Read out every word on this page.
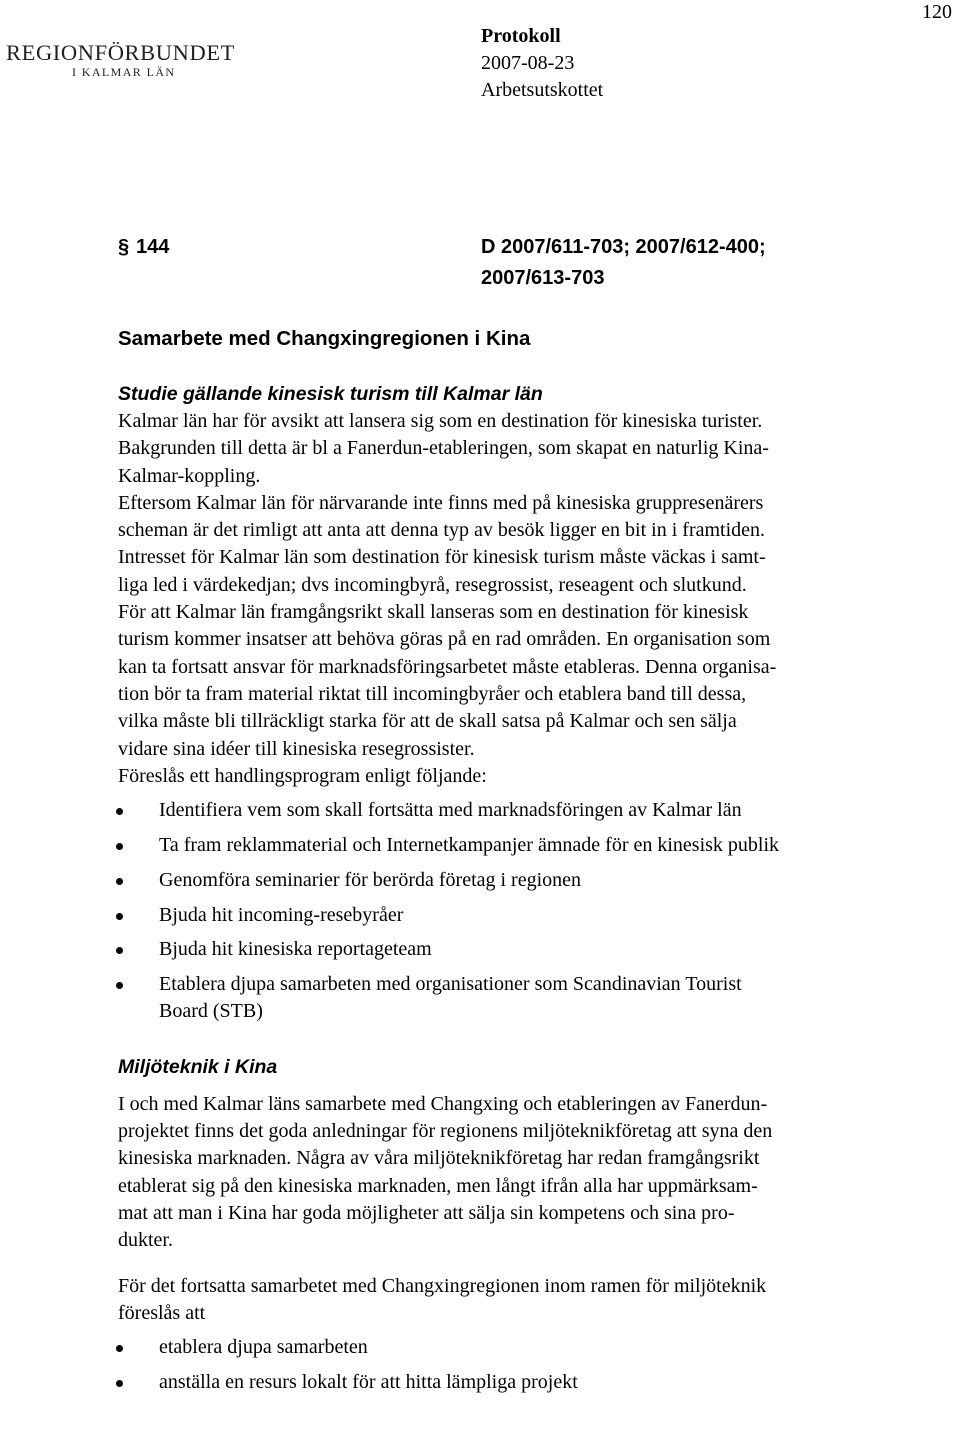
120
REGIONFÖRBUNDET
I KALMAR LÄN
Protokoll
2007-08-23
Arbetsutskottet
§ 144	D 2007/611-703; 2007/612-400;
2007/613-703
Samarbete med Changxingregionen i Kina
Studie gällande kinesisk turism till Kalmar län

Kalmar län har för avsikt att lansera sig som en destination för kinesiska turister.
Bakgrunden till detta är bl a Fanerdun-etableringen, som skapat en naturlig Kina-
Kalmar-koppling.

Eftersom Kalmar län för närvarande inte finns med på kinesiska gruppresenärers
scheman är det rimligt att anta att denna typ av besök ligger en bit in i framtiden.
Intresset för Kalmar län som destination för kinesisk turism måste väckas i samt-
liga led i värdekedjan; dvs incomingbyrå, resegrossist, reseagent och slutkund.

För att Kalmar län framgångsrikt skall lanseras som en destination för kinesisk
turism kommer insatser att behöva göras på en rad områden. En organisation som
kan ta fortsatt ansvar för marknadsföringsarbetet måste etableras. Denna organisa-
tion bör ta fram material riktat till incomingbyråer och etablera band till dessa,
vilka måste bli tillräckligt starka för att de skall satsa på Kalmar och sen sälja
vidare sina idéer till kinesiska resegrossister.

Föreslås ett handlingsprogram enligt följande:

Identifiera vem som skall fortsätta med marknadsföringen av Kalmar län
Ta fram reklammaterial och Internetkampanjer ämnade för en kinesisk publik
Genomföra seminarier för berörda företag i regionen
Bjuda hit incoming-resebyråer
Bjuda hit kinesiska reportageteam
Etablera djupa samarbeten med organisationer som Scandinavian Tourist
Board (STB)
Miljöteknik i Kina

I och med Kalmar läns samarbete med Changxing och etableringen av Fanerdun-
projektet finns det goda anledningar för regionens miljöteknikföretag att syna den
kinesiska marknaden. Några av våra miljöteknikföretag har redan framgångsrikt
etablerat sig på den kinesiska marknaden, men långt ifrån alla har uppmärksam-
mat att man i Kina har goda möjligheter att sälja sin kompetens och sina pro-
dukter.

För det fortsatta samarbetet med Changxingregionen inom ramen för miljöteknik
föreslås att

etablera djupa samarbeten
anställa en resurs lokalt för att hitta lämpliga projekt
